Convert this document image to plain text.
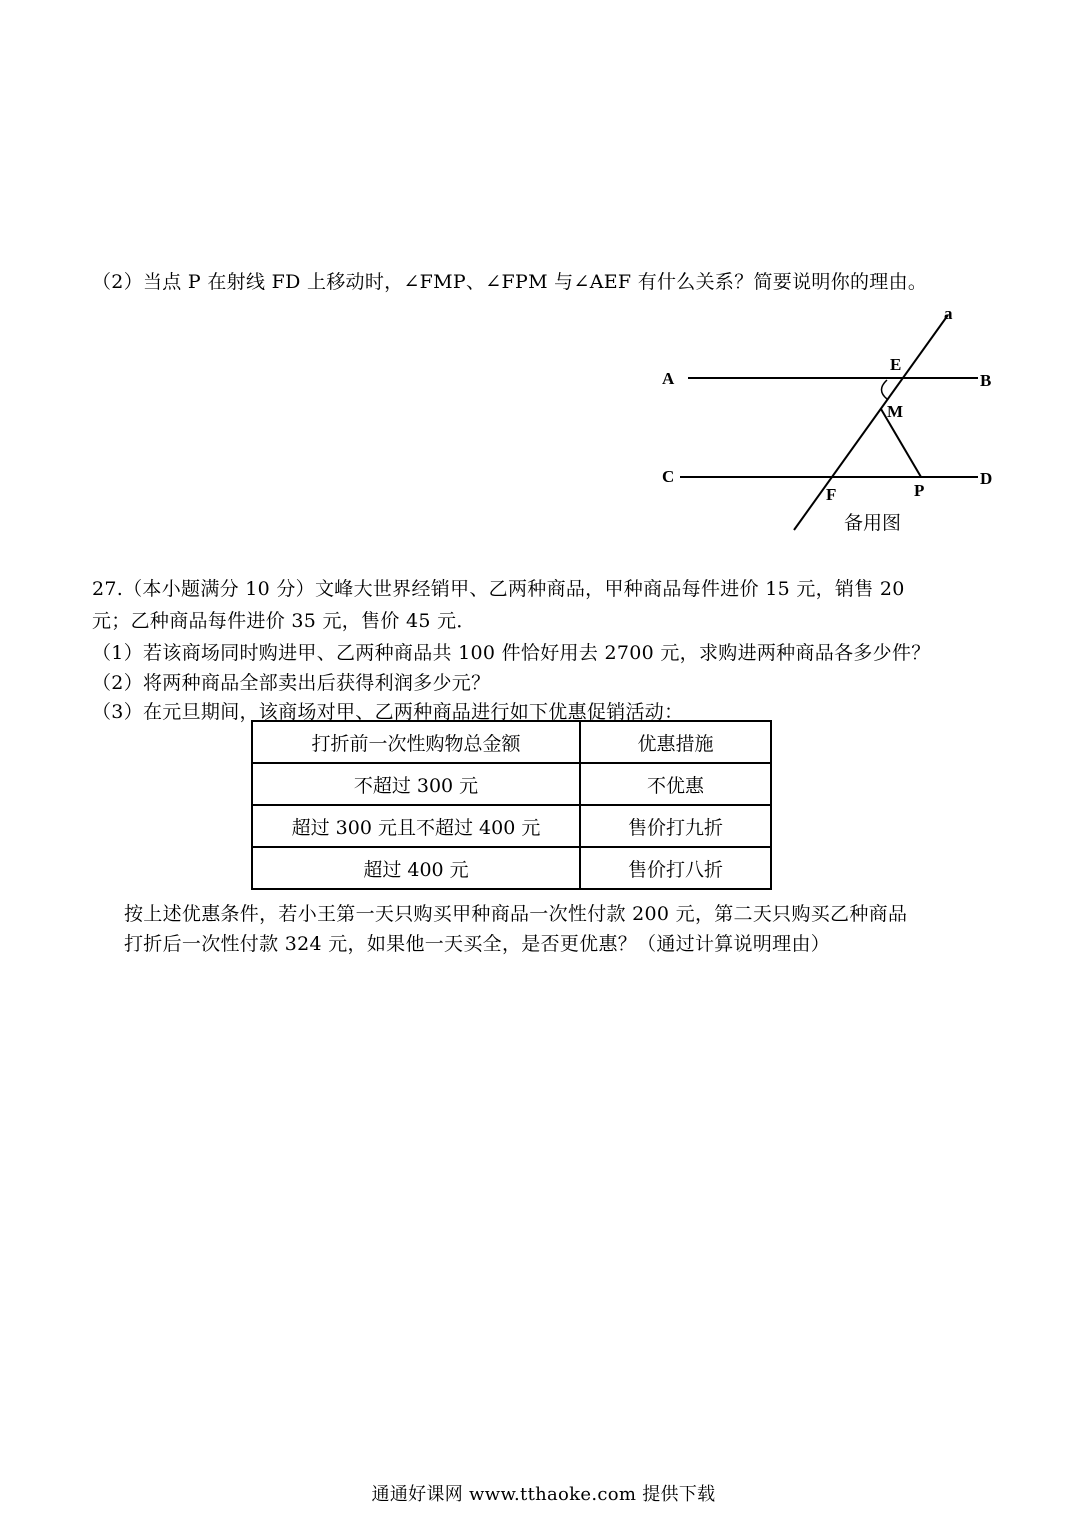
（2）当点 P 在射线 FD 上移动时，∠FMP、∠FPM 与∠AEF 有什么关系？简要说明你的理由。
a
A	B
C	D
E
M
F	P
备用图
27.（本小题满分 10 分）文峰大世界经销甲、乙两种商品，甲种商品每件进价 15 元，销售 20
元；乙种商品每件进价 35 元，售价 45 元．
（1）若该商场同时购进甲、乙两种商品共 100 件恰好用去 2700 元，求购进两种商品各多少件？
（2）将两种商品全部卖出后获得利润多少元？
（3）在元旦期间，该商场对甲、乙两种商品进行如下优惠促销活动：
打折前一次性购物总金额	优惠措施
不超过 300 元	不优惠
超过 300 元且不超过 400 元	售价打九折
超过 400 元	售价打八折
按上述优惠条件，若小王第一天只购买甲种商品一次性付款 200 元，第二天只购买乙种商品
打折后一次性付款 324 元，如果他一天买全，是否更优惠？（通过计算说明理由）
通通好课网 www.tthaoke.com 提供下载
